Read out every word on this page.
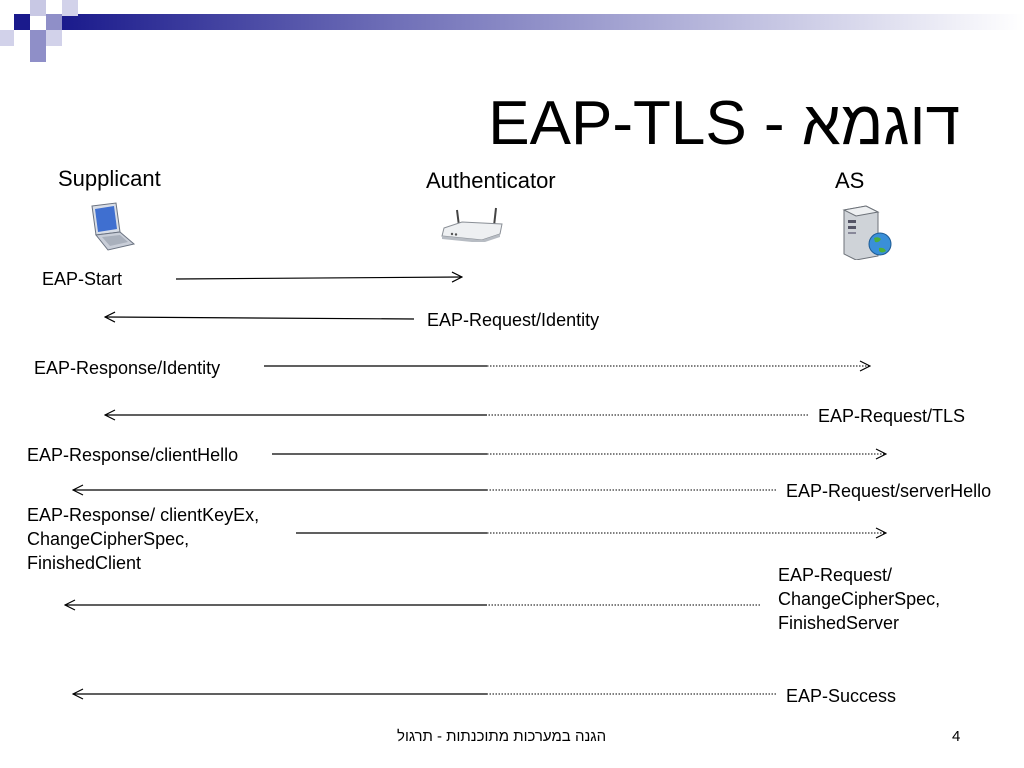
EAP-TLS - דוגמא
Supplicant	Authenticator	AS
EAP-Start
EAP-Request/Identity
EAP-Response/Identity
EAP-Request/TLS
EAP-Response/clientHello
EAP-Request/serverHello
EAP-Response/ clientKeyEx,
ChangeCipherSpec,
FinishedClient
EAP-Request/
ChangeCipherSpec,
FinishedServer
EAP-Success
הגנה במערכות מתוכנתות - תרגול	4
